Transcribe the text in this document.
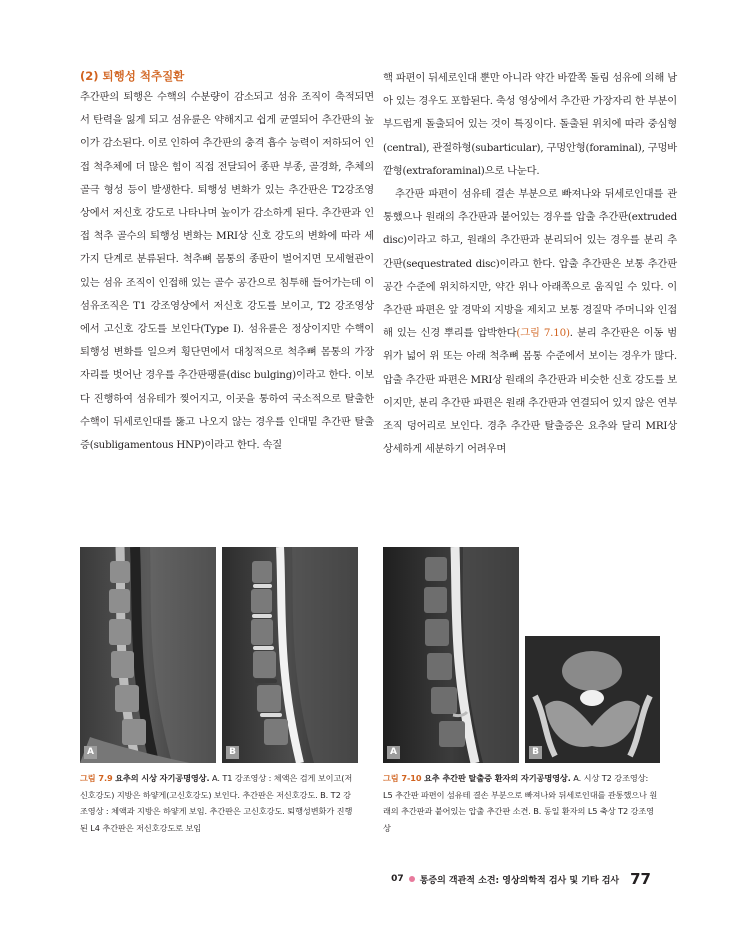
(2) 퇴행성 척추질환

추간판의 퇴행은 수핵의 수분량이 감소되고 섬유 조직이 축적되면서 탄력을 잃게 되고 섬유륜은 약해지고 쉽게 균열되어 추간판의 높이가 감소된다. 이로 인하여 추간판의 충격 흡수 능력이 저하되어 인접 척추체에 더 많은 힘이 직접 전달되어 종판 부종, 골경화, 추체의 골극 형성 등이 발생한다. 퇴행성 변화가 있는 추간판은 T2강조영상에서 저신호 강도로 나타나며 높이가 감소하게 된다. 추간판과 인접 척추 골수의 퇴행성 변화는 MRI상 신호 강도의 변화에 따라 세 가지 단계로 분류된다. 척추뼈 몸통의 종판이 벌어지면 모세혈관이 있는 섬유 조직이 인접해 있는 골수 공간으로 침투해 들어가는데 이 섬유조직은 T1 강조영상에서 저신호 강도를 보이고, T2 강조영상에서 고신호 강도를 보인다(Type I). 섬유륜은 정상이지만 수핵이 퇴행성 변화를 일으켜 횡단면에서 대칭적으로 척추뼈 몸통의 가장자리를 벗어난 경우를 추간판팽륜(disc bulging)이라고 한다. 이보다 진행하여 섬유테가 찢어지고, 이곳을 통하여 국소적으로 탈출한 수핵이 뒤세로인대를 뚫고 나오지 않는 경우를 인대밑 추간판 탈출증(subligamentous HNP)이라고 한다. 속질

핵 파편이 뒤세로인대 뿐만 아니라 약간 바깥쪽 돌림 섬유에 의해 남아 있는 경우도 포함된다. 축성 영상에서 추간판 가장자리 한 부분이 부드럽게 돌출되어 있는 것이 특징이다. 돌출된 위치에 따라 중심형(central), 관절하형(subarticular), 구멍안형(foraminal), 구멍바깥형(extraforaminal)으로 나눈다.

추간판 파편이 섬유테 결손 부분으로 빠져나와 뒤세로인대를 관통했으나 원래의 추간판과 붙어있는 경우를 압출 추간판(extruded disc)이라고 하고, 원래의 추간판과 분리되어 있는 경우를 분리 추간판(sequestrated disc)이라고 한다. 압출 추간판은 보통 추간판 공간 수준에 위치하지만, 약간 위나 아래쪽으로 움직일 수 있다. 이 추간판 파편은 앞 경막외 지방을 제치고 보통 경질막 주머니와 인접해 있는 신경 뿌리를 압박한다(그림 7.10). 분리 추간판은 이동 범위가 넓어 위 또는 아래 척추뼈 몸통 수준에서 보이는 경우가 많다. 압출 추간판 파편은 MRI상 원래의 추간판과 비슷한 신호 강도를 보이지만, 분리 추간판 파편은 원래 추간판과 연결되어 있지 않은 연부 조직 덩어리로 보인다. 경추 추간판 탈출증은 요추와 달리 MRI상 상세하게 세분하기 어려우며

A	B	A	B
그림 7.9 요추의 시상 자기공명영상. A. T1 강조영상 : 체액은 검게 보이고(저신호강도) 지방은 하얗게(고신호강도) 보인다. 추간판은 저신호강도. B. T2 강조영상 : 체액과 지방은 하얗게 보임. 추간판은 고신호강도. 퇴행성변화가 진행된 L4 추간판은 저신호강도로 보임
그림 7-10 요추 추간판 탈출증 환자의 자기공명영상. A. 시상 T2 강조영상: L5 추간판 파편이 섬유테 결손 부분으로 빠져나와 뒤세로인대를 관통했으나 원래의 추간판과 붙어있는 압출 추간판 소견. B. 동일 환자의 L5 축상 T2 강조영상
07 통증의 객관적 소견: 영상의학적 검사 및 기타 검사 77
